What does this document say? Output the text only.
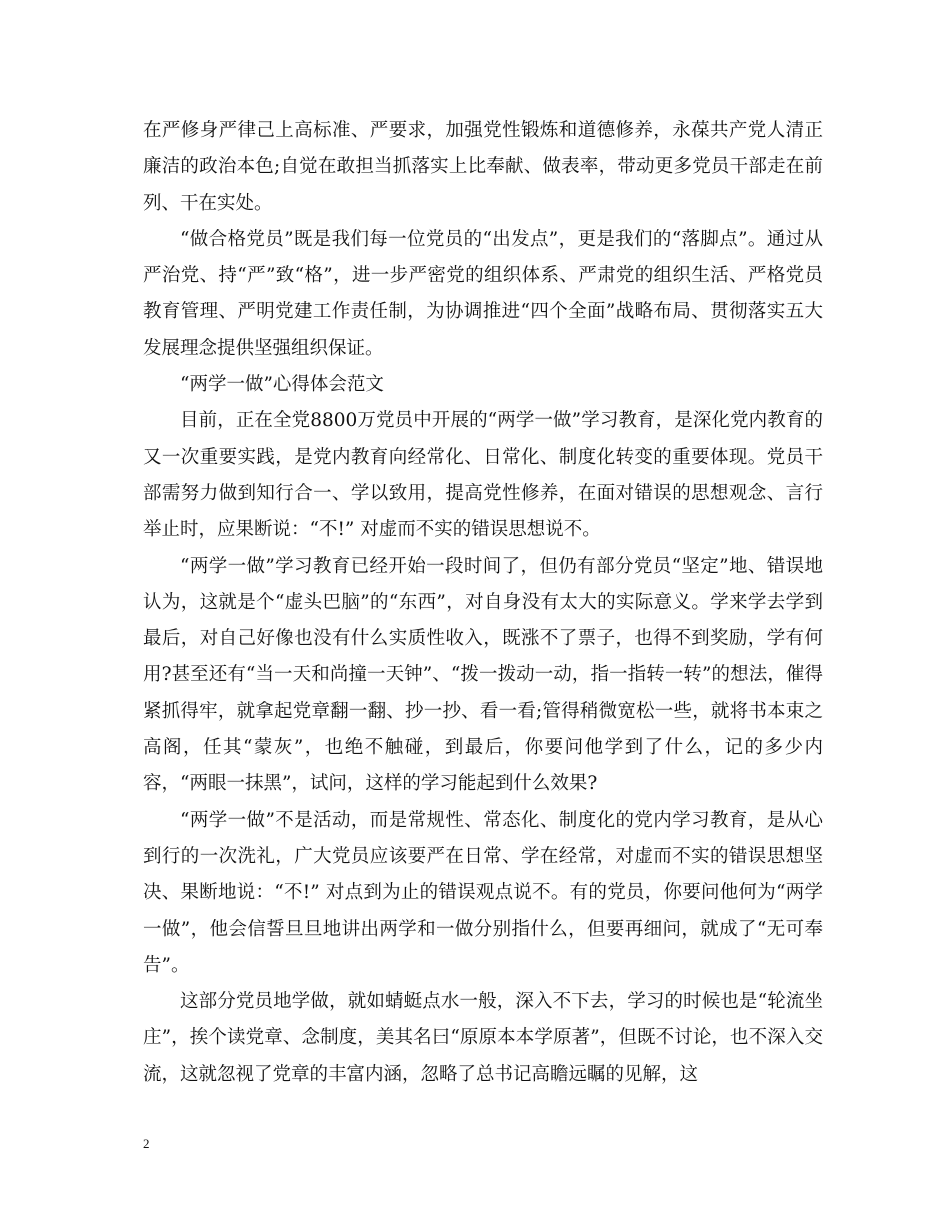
在严修身严律己上高标准、严要求，加强党性锻炼和道德修养，永葆共产党人清正廉洁的政治本色;自觉在敢担当抓落实上比奉献、做表率，带动更多党员干部走在前列、干在实处。

“做合格党员”既是我们每一位党员的“出发点”，更是我们的“落脚点”。通过从严治党、持“严”致“格”，进一步严密党的组织体系、严肃党的组织生活、严格党员教育管理、严明党建工作责任制，为协调推进“四个全面”战略布局、贯彻落实五大发展理念提供坚强组织保证。

“两学一做”心得体会范文

目前，正在全党8800万党员中开展的“两学一做”学习教育，是深化党内教育的又一次重要实践，是党内教育向经常化、日常化、制度化转变的重要体现。党员干部需努力做到知行合一、学以致用，提高党性修养，在面对错误的思想观念、言行举止时，应果断说：“不!” 对虚而不实的错误思想说不。

“两学一做”学习教育已经开始一段时间了，但仍有部分党员“坚定”地、错误地认为，这就是个“虚头巴脑”的“东西”，对自身没有太大的实际意义。学来学去学到最后，对自己好像也没有什么实质性收入，既涨不了票子，也得不到奖励，学有何用?甚至还有“当一天和尚撞一天钟”、“拨一拨动一动，指一指转一转”的想法，催得紧抓得牢，就拿起党章翻一翻、抄一抄、看一看;管得稍微宽松一些，就将书本束之高阁，任其“蒙灰”，也绝不触碰，到最后，你要问他学到了什么，记的多少内容，“两眼一抹黑”，试问，这样的学习能起到什么效果?

“两学一做”不是活动，而是常规性、常态化、制度化的党内学习教育，是从心到行的一次洗礼，广大党员应该要严在日常、学在经常，对虚而不实的错误思想坚决、果断地说：“不!” 对点到为止的错误观点说不。有的党员，你要问他何为“两学一做”，他会信誓旦旦地讲出两学和一做分别指什么，但要再细问，就成了“无可奉告”。

这部分党员地学做，就如蜻蜓点水一般，深入不下去，学习的时候也是“轮流坐庄”，挨个读党章、念制度，美其名曰“原原本本学原著”，但既不讨论，也不深入交流，这就忽视了党章的丰富内涵，忽略了总书记高瞻远瞩的见解，这

2
